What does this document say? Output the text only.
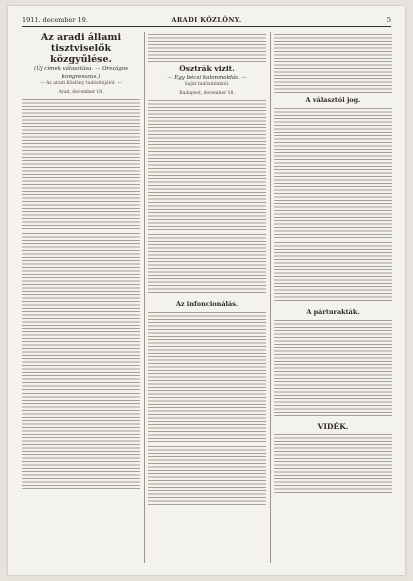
1911. december 19.	ARADI KÖZLÖNY.	5
Az aradi állami tisztviselők közgyűlése.
(Új címek választása. — Országos kongresszus.)
— Az aradi Közlöny tudósítójától. —
Arad, december 18.
Osztrák vizit.
— Egy bécsi kolonmoldás. —
Saját tudósítónktól.
Budapest, december 18.
Az infoncionálás.
A választói jog.
A párturakták.
VIDÉK.
